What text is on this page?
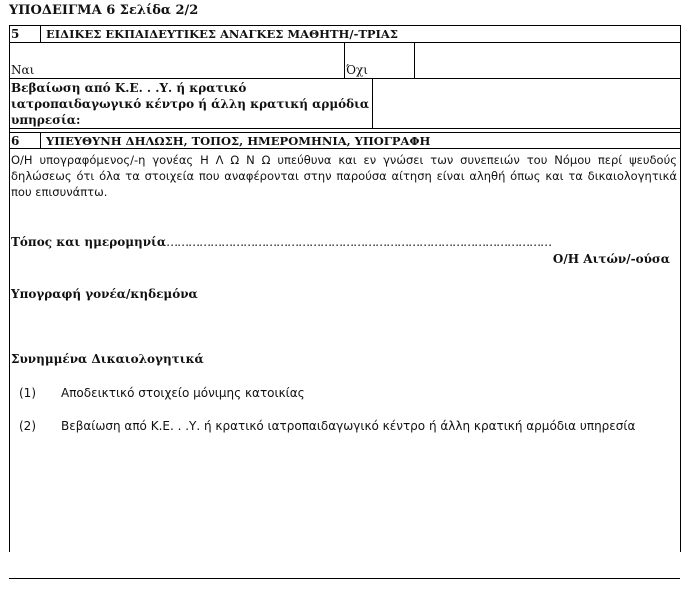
ΥΠΟΔΕΙΓΜΑ 6 Σελίδα 2/2
5 ΕΙΔΙΚΕΣ ΕΚΠΑΙΔΕΥΤΙΚΕΣ ΑΝΑΓΚΕΣ ΜΑΘΗΤΗ/-ΤΡΙΑΣ
Ναι	Όχι
Βεβαίωση από Κ.Ε. . .Υ. ή κρατικό ιατροπαιδαγωγικό κέντρο ή άλλη κρατική αρμόδια υπηρεσία:
6 ΥΠΕΥΘΥΝΗ ΔΗΛΩΣΗ, ΤΟΠΟΣ, ΗΜΕΡΟΜΗΝΙΑ, ΥΠΟΓΡΑΦΗ
Ο/Η υπογραφόμενος/-η γονέας Η Λ Ω Ν Ω υπεύθυνα και εν γνώσει των συνεπειών του Νόμου περί ψευδούς δηλώσεως ότι όλα τα στοιχεία που αναφέρονται στην παρούσα αίτηση είναι αληθή όπως και τα δικαιολογητικά που επισυνάπτω.
Τόπος και ημερομηνία……………………………………………………………………………………………
Ο/Η Αιτών/-ούσα
Υπογραφή γονέα/κηδεμόνα
Συνημμένα Δικαιολογητικά
(1) Αποδεικτικό στοιχείο μόνιμης κατοικίας
(2) Βεβαίωση από Κ.Ε. . .Υ. ή κρατικό ιατροπαιδαγωγικό κέντρο ή άλλη κρατική αρμόδια υπηρεσία
